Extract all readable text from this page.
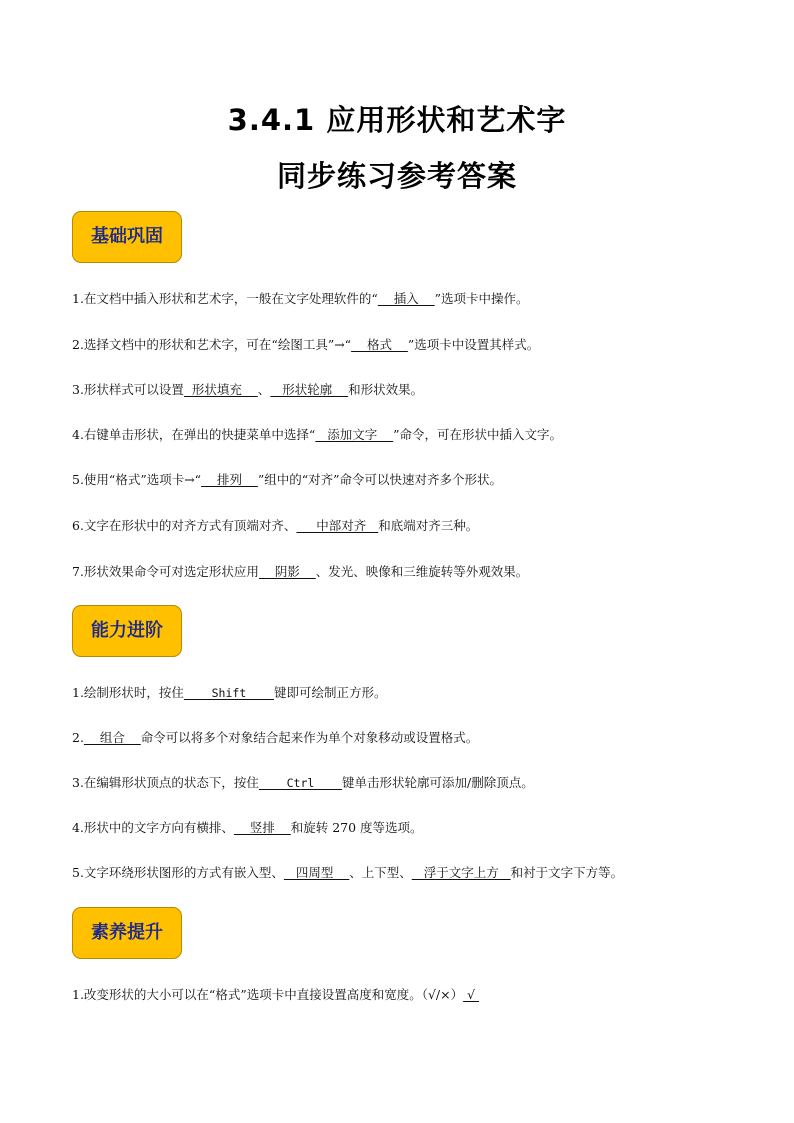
3.4.1 应用形状和艺术字
同步练习参考答案
基础巩固
1.在文档中插入形状和艺术字，一般在文字处理软件的“    插入    ”选项卡中操作。
2.选择文档中的形状和艺术字，可在“绘图工具”→“    格式    ”选项卡中设置其样式。
3.形状样式可以设置  形状填充    、   形状轮廓    和形状效果。
4.右键单击形状，在弹出的快捷菜单中选择“   添加文字    ”命令，可在形状中插入文字。
5.使用“格式”选项卡→“    排列    ”组中的“对齐”命令可以快速对齐多个形状。
6.文字在形状中的对齐方式有顶端对齐、     中部对齐   和底端对齐三种。
7.形状效果命令可对选定形状应用    阴影    、发光、映像和三维旋转等外观效果。
能力进阶
1.绘制形状时，按住    Shift    键即可绘制正方形。
2.    组合    命令可以将多个对象结合起来作为单个对象移动或设置格式。
3.在编辑形状顶点的状态下，按住    Ctrl    键单击形状轮廓可添加/删除顶点。
4.形状中的文字方向有横排、    竖排    和旋转 270 度等选项。
5.文字环绕形状图形的方式有嵌入型、   四周型    、上下型、   浮于文字上方   和衬于文字下方等。
素养提升
1.改变形状的大小可以在“格式”选项卡中直接设置高度和宽度。（√/×） √
